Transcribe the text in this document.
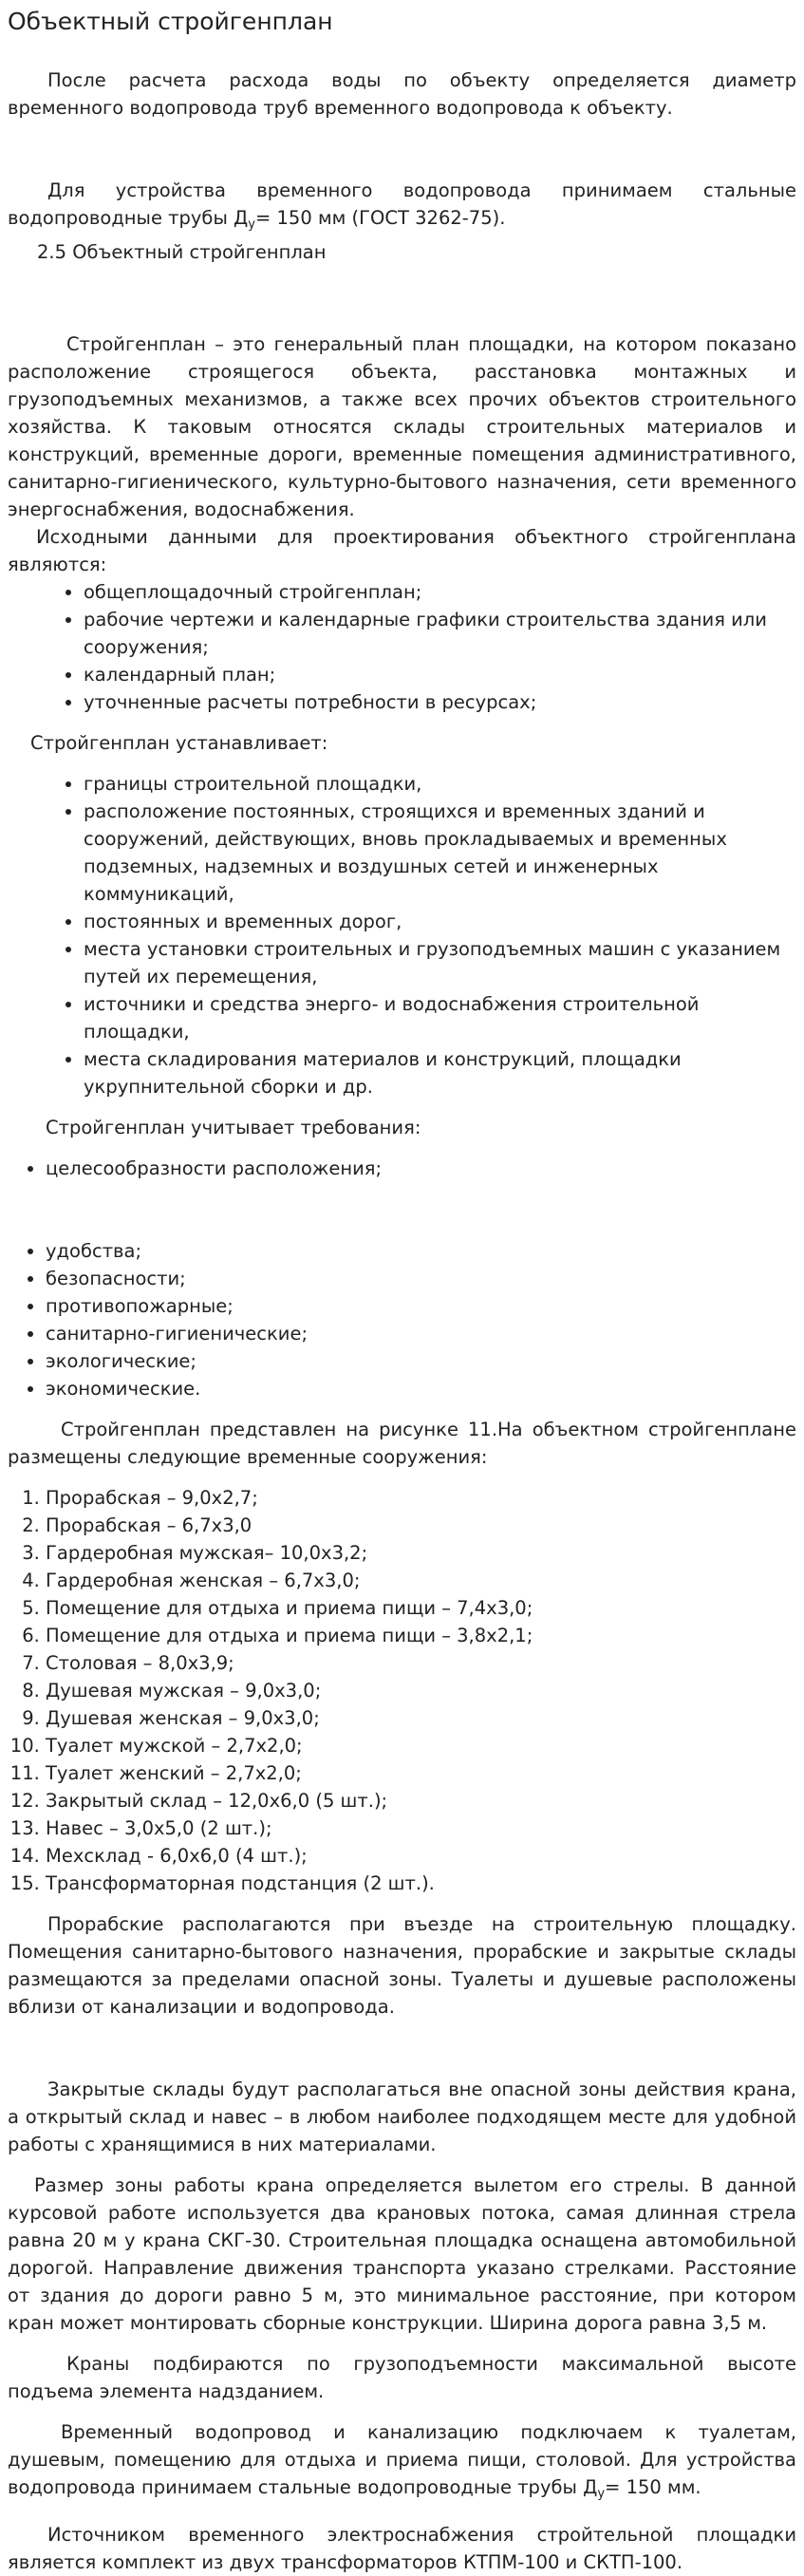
Объектный стройгенплан

После расчета расхода воды по объекту определяется диаметр временного водопровода труб временного водопровода к объекту.

Для устройства временного водопровода принимаем стальные водопроводные трубы $Д_у= 150$ мм (ГОСТ 3262-75).

2.5 Объектный стройгенплан

Стройгенплан – это генеральный план площадки, на котором показано расположение строящегося объекта, расстановка монтажных и грузоподъемных механизмов, а также всех прочих объектов строительного хозяйства. К таковым относятся склады строительных материалов и конструкций, временные дороги, временные помещения административного, санитарно-гигиенического, культурно-бытового назначения, сети временного энергоснабжения, водоснабжения.

Исходными данными для проектирования объектного стройгенплана являются:

• общеплощадочный стройгенплан;
• рабочие чертежи и календарные графики строительства здания или сооружения;
• календарный план;
• уточненные расчеты потребности в ресурсах;

Стройгенплан устанавливает:

• границы строительной площадки,
• расположение постоянных, строящихся и временных зданий и сооружений, действующих, вновь прокладываемых и временных подземных, надземных и воздушных сетей и инженерных коммуникаций,
• постоянных и временных дорог,
• места установки строительных и грузоподъемных машин с указанием путей их перемещения,
• источники и средства энерго- и водоснабжения строительной площадки,
• места складирования материалов и конструкций, площадки укрупнительной сборки и др.

Стройгенплан учитывает требования:

• целесообразности расположения;
• удобства;
• безопасности;
• противопожарные;
• санитарно-гигиенические;
• экологические;
• экономические.

Стройгенплан представлен на рисунке 11.На объектном стройгенплане размещены следующие временные сооружения:

1. Прорабская – 9,0х2,7;
2. Прорабская – 6,7х3,0
3. Гардеробная мужская– 10,0х3,2;
4. Гардеробная женская – 6,7х3,0;
5. Помещение для отдыха и приема пищи – 7,4х3,0;
6. Помещение для отдыха и приема пищи – 3,8х2,1;
7. Столовая – 8,0х3,9;
8. Душевая мужская – 9,0х3,0;
9. Душевая женская – 9,0х3,0;
10. Туалет мужской – 2,7х2,0;
11. Туалет женский – 2,7х2,0;
12. Закрытый склад – 12,0х6,0 (5 шт.);
13. Навес – 3,0х5,0 (2 шт.);
14. Мехсклад - 6,0х6,0 (4 шт.);
15. Трансформаторная подстанция (2 шт.).

Прорабские располагаются при въезде на строительную площадку. Помещения санитарно-бытового назначения, прорабские и закрытые склады размещаются за пределами опасной зоны. Туалеты и душевые расположены вблизи от канализации и водопровода.

Закрытые склады будут располагаться вне опасной зоны действия крана, а открытый склад и навес – в любом наиболее подходящем месте для удобной работы с хранящимися в них материалами.

Размер зоны работы крана определяется вылетом его стрелы. В данной курсовой работе используется два крановых потока, самая длинная стрела равна 20 м у крана СКГ-30. Строительная площадка оснащена автомобильной дорогой. Направление движения транспорта указано стрелками. Расстояние от здания до дороги равно 5 м, это минимальное расстояние, при котором кран может монтировать сборные конструкции. Ширина дорога равна 3,5 м.

Краны подбираются по грузоподъемности максимальной высоте подъема элемента надзданием.

Временный водопровод и канализацию подключаем к туалетам, душевым, помещению для отдыха и приема пищи, столовой. Для устройства водопровода принимаем стальные водопроводные трубы $Д_у= 150$ мм.

Источником временного электроснабжения стройтельной площадки является комплект из двух трансформаторов КТПМ-100 и СКТП-100.
